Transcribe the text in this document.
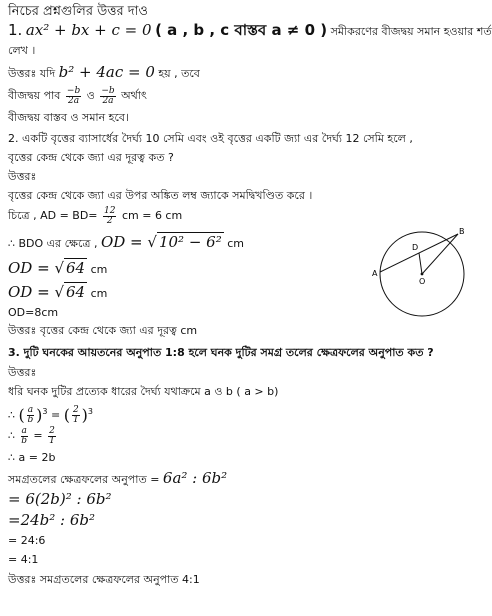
নিচের প্রশ্নগুলির উত্তর দাও
1. ax² + bx + c = 0 ( a , b , c বাস্তব a ≠ 0 ) সমীকরণের বীজদ্বয় সমান হওয়ার শর্ত
লেখ ।
উত্তরঃ যদি b² + 4ac = 0 হয় , তবে
বীজদ্বয় পাব $\frac{-b}{2a}$ ও $\frac{-b}{2a}$ অর্থাৎ
বীজদ্বয় বাস্তব ও সমান হবে।
2. একটি বৃত্তের ব্যাসার্ধের দৈর্ঘ্য 10 সেমি এবং ওই বৃত্তের একটি জ্যা এর দৈর্ঘ্য 12 সেমি হলে ,
বৃত্তের কেন্দ্র থেকে জ্যা এর দূরত্ব কত ?
উত্তরঃ
বৃত্তের কেন্দ্র থেকে জ্যা এর উপর অঙ্কিত লম্ব জ্যাকে সমদ্বিখণ্ডিত করে ।
চিত্রে , AD = $BD= \frac{12}{2}$ cm = 6 cm
∴ BDO এর ক্ষেত্রে , OD = √ 10² − 6² cm
OD = √ 64 cm
OD = √ 64 cm
OD=8cm
উত্তরঃ বৃত্তের কেন্দ্র থেকে জ্যা এর দূরত্ব cm
3. দুটি ঘনকের আয়তনের অনুপাত 1:8 হলে ঘনক দুটির সমগ্র তলের ক্ষেত্রফলের অনুপাত কত ?
উত্তরঃ
ধরি ঘনক দুটির প্রত্যেক ধারের দৈর্ঘ্য যথাক্রমে a ও b ( a > b)
∴ ( $\frac{a}{b} )^3$ = ( $\frac{2}{1} )^3$
∴ $\frac{a}{b} = \frac{2}{1}$
∴ a = 2b
সমগ্রতলের ক্ষেত্রফলের অনুপাত = 6a² : 6b²
= 6(2b)² : 6b²
=24b² : 6b²
= 24:6
= 4:1
উত্তরঃ সমগ্রতলের ক্ষেত্রফলের অনুপাত 4:1
A
B
D
O
